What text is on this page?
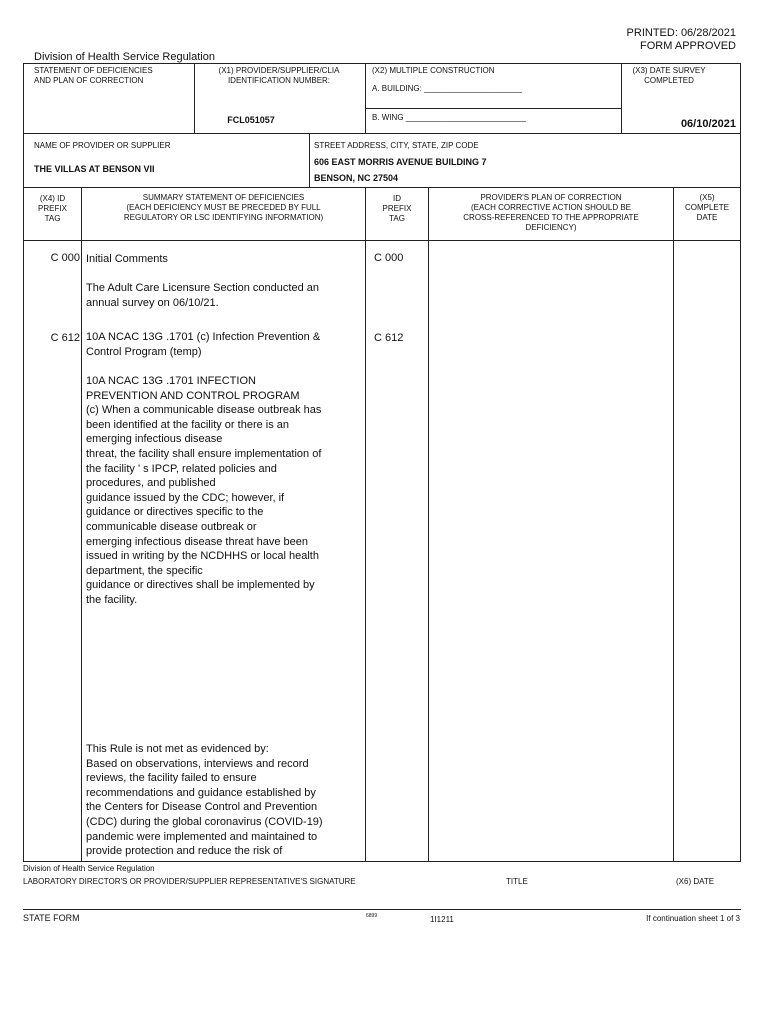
PRINTED: 06/28/2021
FORM APPROVED
Division of Health Service Regulation
STATEMENT OF DEFICIENCIES
AND PLAN OF CORRECTION
(X1) PROVIDER/SUPPLIER/CLIA
IDENTIFICATION NUMBER:
FCL051057
(X2) MULTIPLE CONSTRUCTION
A. BUILDING: ______________________
B. WING ___________________________
(X3) DATE SURVEY
COMPLETED
06/10/2021
NAME OF PROVIDER OR SUPPLIER
THE VILLAS AT BENSON VII
STREET ADDRESS, CITY, STATE, ZIP CODE
606 EAST MORRIS AVENUE BUILDING 7
BENSON, NC 27504
(X4) ID
PREFIX
TAG
SUMMARY STATEMENT OF DEFICIENCIES
(EACH DEFICIENCY MUST BE PRECEDED BY FULL
REGULATORY OR LSC IDENTIFYING INFORMATION)
ID
PREFIX
TAG
PROVIDER'S PLAN OF CORRECTION
(EACH CORRECTIVE ACTION SHOULD BE
CROSS-REFERENCED TO THE APPROPRIATE
DEFICIENCY)
(X5)
COMPLETE
DATE
C 000 Initial Comments
The Adult Care Licensure Section conducted an
annual survey on 06/10/21.
C 000
C 612 10A NCAC 13G .1701 (c) Infection Prevention &
Control Program (temp)
10A NCAC 13G .1701 INFECTION
PREVENTION AND CONTROL PROGRAM
(c) When a communicable disease outbreak has
been identified at the facility or there is an
emerging infectious disease
threat, the facility shall ensure implementation of
the facility ' s IPCP, related policies and
procedures, and published
guidance issued by the CDC; however, if
guidance or directives specific to the
communicable disease outbreak or
emerging infectious disease threat have been
issued in writing by the NCDHHS or local health
department, the specific
guidance or directives shall be implemented by
the facility.
This Rule is not met as evidenced by:
Based on observations, interviews and record
reviews, the facility failed to ensure
recommendations and guidance established by
the Centers for Disease Control and Prevention
(CDC) during the global coronavirus (COVID-19)
pandemic were implemented and maintained to
provide protection and reduce the risk of
C 612
Division of Health Service Regulation
LABORATORY DIRECTOR'S OR PROVIDER/SUPPLIER REPRESENTATIVE'S SIGNATURE	TITLE	(X6) DATE
STATE FORM	6899	1I1211	If continuation sheet 1 of 3
